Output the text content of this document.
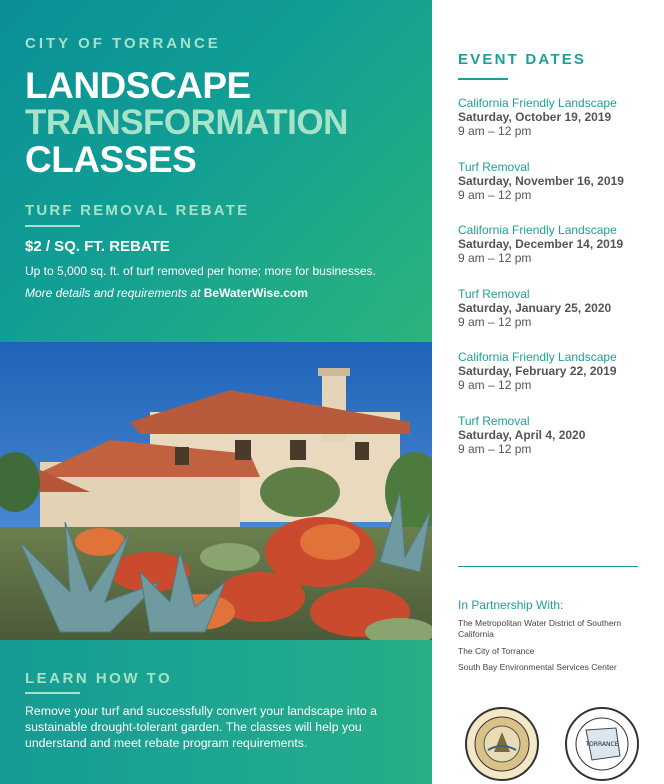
CITY OF TORRANCE
LANDSCAPE
TRANSFORMATION
CLASSES
TURF REMOVAL REBATE
$2 / SQ. FT. REBATE
Up to 5,000 sq. ft. of turf removed per home; more for businesses.
More details and requirements at BeWaterWise.com
LEARN HOW TO
Remove your turf and successfully convert your landscape into a sustainable drought-tolerant garden. The classes will help you understand and meet rebate program requirements.
EVENT DATES
California Friendly Landscape
Saturday, October 19, 2019
9 am – 12 pm
Turf Removal
Saturday, November 16, 2019
9 am – 12 pm
California Friendly Landscape
Saturday, December 14, 2019
9 am – 12 pm
Turf Removal
Saturday, January 25, 2020
9 am – 12 pm
California Friendly Landscape
Saturday, February 22, 2019
9 am – 12 pm
Turf Removal
Saturday, April 4, 2020
9 am – 12 pm
In Partnership With:
The Metropolitan Water District of Southern California
The City of Torrance
South Bay Environmental Services Center
TORRANCE
